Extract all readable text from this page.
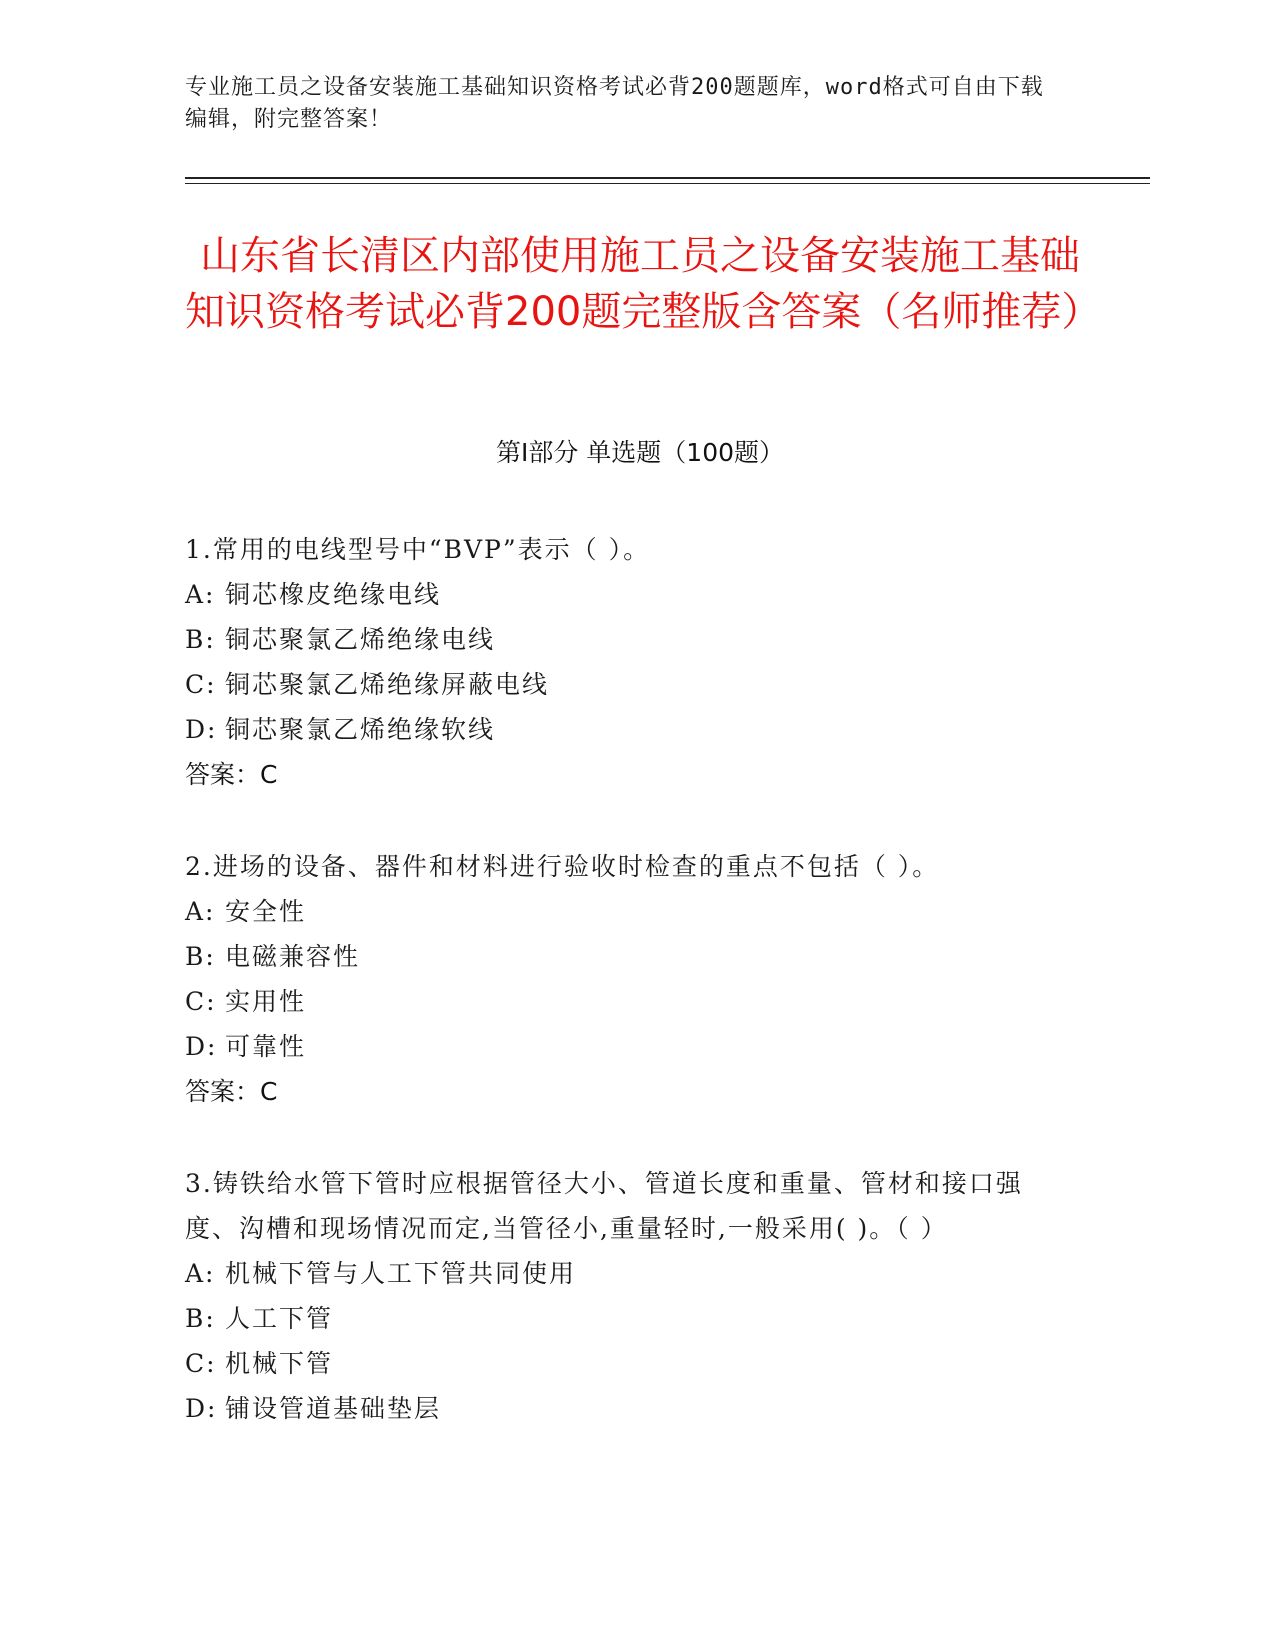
专业施工员之设备安装施工基础知识资格考试必背200题题库，word格式可自由下载编辑，附完整答案！
山东省长清区内部使用施工员之设备安装施工基础知识资格考试必背200题完整版含答案（名师推荐）
第Ⅰ部分 单选题（100题）
1.常用的电线型号中“BVP”表示（ ）。
A: 铜芯橡皮绝缘电线
B: 铜芯聚氯乙烯绝缘电线
C: 铜芯聚氯乙烯绝缘屏蔽电线
D: 铜芯聚氯乙烯绝缘软线
答案：C
2.进场的设备、器件和材料进行验收时检查的重点不包括（ ）。
A: 安全性
B: 电磁兼容性
C: 实用性
D: 可靠性
答案：C
3.铸铁给水管下管时应根据管径大小、管道长度和重量、管材和接口强度、沟槽和现场情况而定,当管径小,重量轻时,一般采用( )。（ ）
A: 机械下管与人工下管共同使用
B: 人工下管
C: 机械下管
D: 铺设管道基础垫层
